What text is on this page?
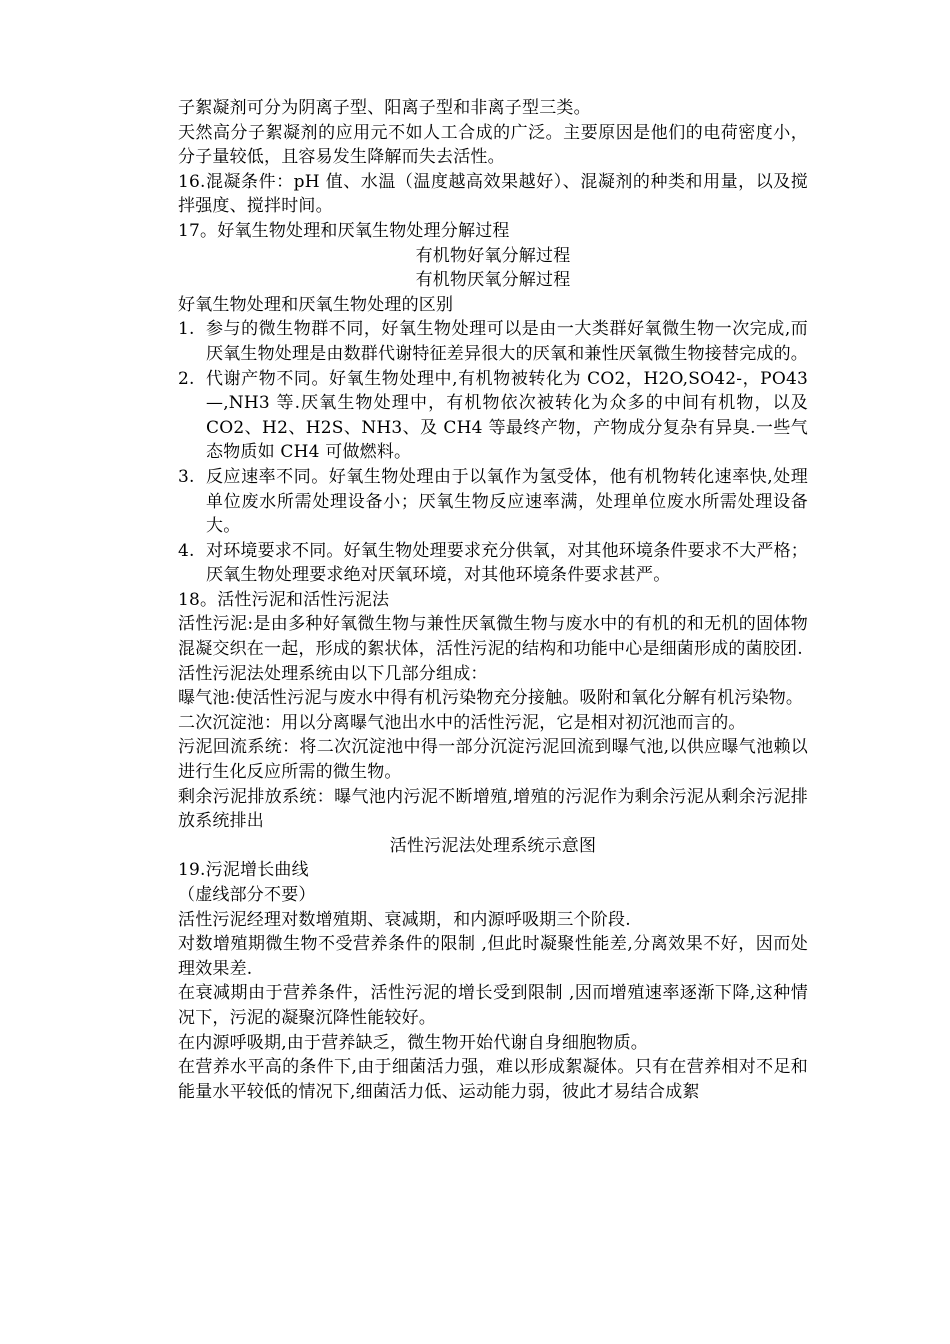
子絮凝剂可分为阴离子型、阳离子型和非离子型三类。

天然高分子絮凝剂的应用元不如人工合成的广泛。主要原因是他们的电荷密度小，分子量较低，且容易发生降解而失去活性。

16.混凝条件：pH 值、水温（温度越高效果越好）、混凝剂的种类和用量，以及搅拌强度、搅拌时间。

17。好氧生物处理和厌氧生物处理分解过程

有机物好氧分解过程

有机物厌氧分解过程

好氧生物处理和厌氧生物处理的区别

1. 参与的微生物群不同，好氧生物处理可以是由一大类群好氧微生物一次完成,而厌氧生物处理是由数群代谢特征差异很大的厌氧和兼性厌氧微生物接替完成的。
2. 代谢产物不同。好氧生物处理中,有机物被转化为 CO2，H2O,SO42-，PO43—,NH3 等.厌氧生物处理中，有机物依次被转化为众多的中间有机物，以及 CO2、H2、H2S、NH3、及 CH4 等最终产物，产物成分复杂有异臭.一些气态物质如 CH4 可做燃料。
3. 反应速率不同。好氧生物处理由于以氧作为氢受体，他有机物转化速率快,处理单位废水所需处理设备小；厌氧生物反应速率满，处理单位废水所需处理设备大。
4. 对环境要求不同。好氧生物处理要求充分供氧，对其他环境条件要求不大严格；厌氧生物处理要求绝对厌氧环境，对其他环境条件要求甚严。

18。活性污泥和活性污泥法

活性污泥:是由多种好氧微生物与兼性厌氧微生物与废水中的有机的和无机的固体物混凝交织在一起，形成的絮状体，活性污泥的结构和功能中心是细菌形成的菌胶团.

活性污泥法处理系统由以下几部分组成：

曝气池:使活性污泥与废水中得有机污染物充分接触。吸附和氧化分解有机污染物。

二次沉淀池：用以分离曝气池出水中的活性污泥，它是相对初沉池而言的。

污泥回流系统：将二次沉淀池中得一部分沉淀污泥回流到曝气池,以供应曝气池赖以进行生化反应所需的微生物。

剩余污泥排放系统：曝气池内污泥不断增殖,增殖的污泥作为剩余污泥从剩余污泥排放系统排出

活性污泥法处理系统示意图

19.污泥增长曲线

（虚线部分不要）

活性污泥经理对数增殖期、衰减期，和内源呼吸期三个阶段.

对数增殖期微生物不受营养条件的限制 ,但此时凝聚性能差,分离效果不好，因而处理效果差.

在衰减期由于营养条件，活性污泥的增长受到限制 ,因而增殖速率逐渐下降,这种情况下，污泥的凝聚沉降性能较好。

在内源呼吸期,由于营养缺乏，微生物开始代谢自身细胞物质。

在营养水平高的条件下,由于细菌活力强，难以形成絮凝体。只有在营养相对不足和能量水平较低的情况下,细菌活力低、运动能力弱，彼此才易结合成絮
